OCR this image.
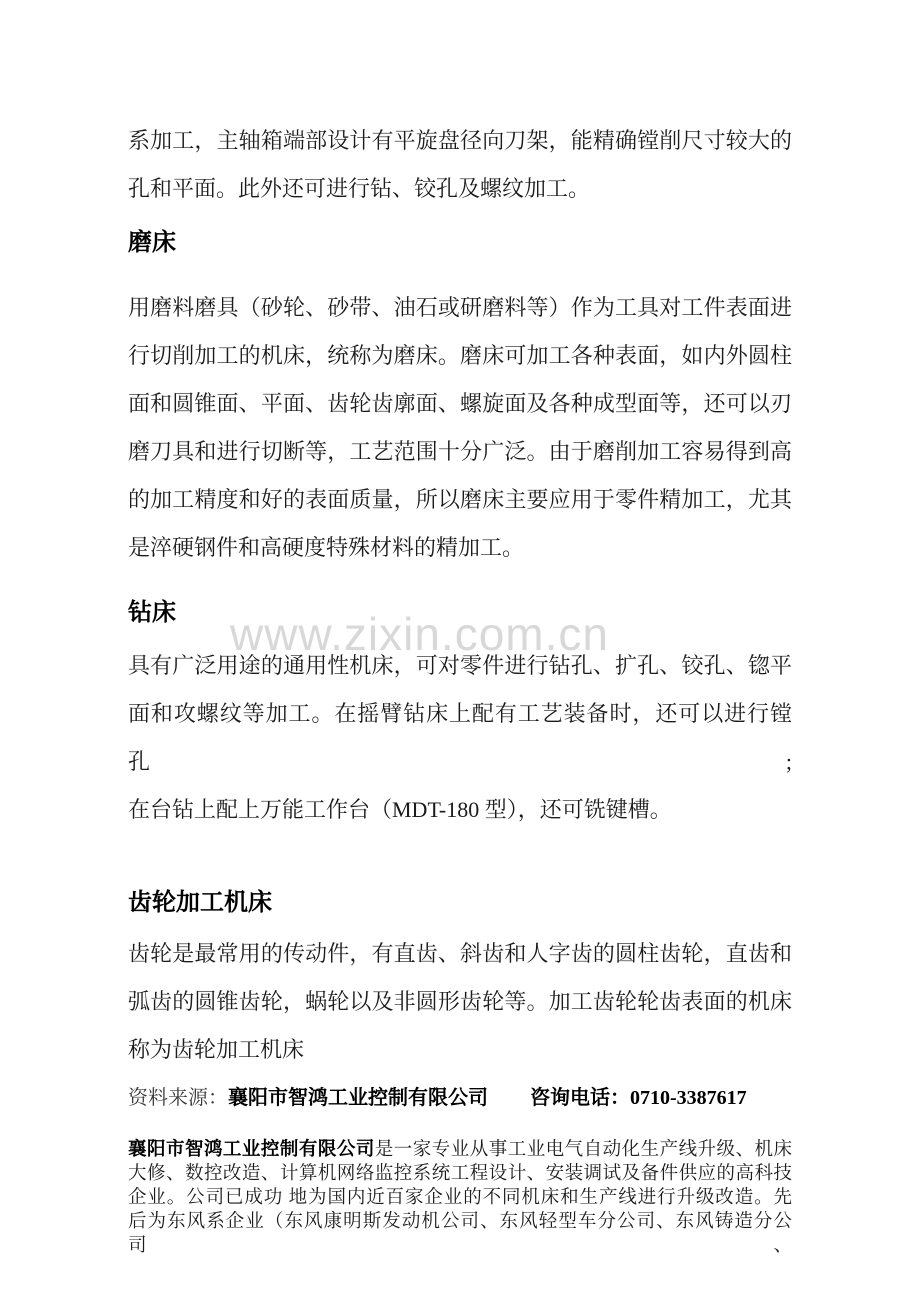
www.zixin.com.cn
系加工，主轴箱端部设计有平旋盘径向刀架，能精确镗削尺寸较大的
孔和平面。此外还可进行钻、铰孔及螺纹加工。
磨床
用磨料磨具（砂轮、砂带、油石或研磨料等）作为工具对工件表面进
行切削加工的机床，统称为磨床。磨床可加工各种表面，如内外圆柱
面和圆锥面、平面、齿轮齿廓面、螺旋面及各种成型面等，还可以刃
磨刀具和进行切断等，工艺范围十分广泛。由于磨削加工容易得到高
的加工精度和好的表面质量，所以磨床主要应用于零件精加工，尤其
是淬硬钢件和高硬度特殊材料的精加工。
钻床
具有广泛用途的通用性机床，可对零件进行钻孔、扩孔、铰孔、锪平
面和攻螺纹等加工。在摇臂钻床上配有工艺装备时，还可以进行镗孔;
在台钻上配上万能工作台（MDT-180 型），还可铣键槽。
齿轮加工机床
齿轮是最常用的传动件，有直齿、斜齿和人字齿的圆柱齿轮，直齿和
弧齿的圆锥齿轮，蜗轮以及非圆形齿轮等。加工齿轮轮齿表面的机床
称为齿轮加工机床
资料来源：襄阳市智鸿工业控制有限公司 咨询电话：0710-3387617
襄阳市智鸿工业控制有限公司是一家专业从事工业电气自动化生产线升级、机床
大修、数控改造、计算机网络监控系统工程设计、安装调试及备件供应的高科技
企业。公司已成功 地为国内近百家企业的不同机床和生产线进行升级改造。先
后为东风系企业（东风康明斯发动机公司、东风轻型车分公司、东风铸造分公司、
